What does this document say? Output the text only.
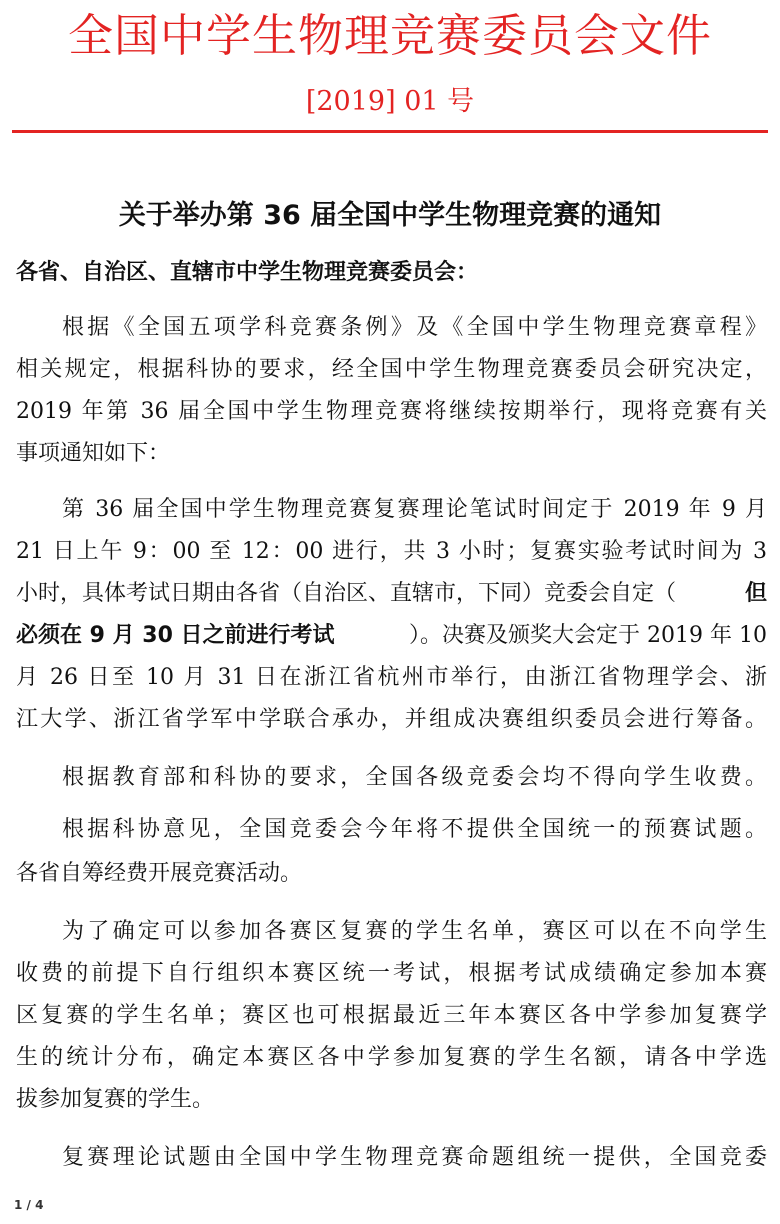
全国中学生物理竞赛委员会文件
[2019] 01 号
关于举办第 36 届全国中学生物理竞赛的通知
各省、自治区、直辖市中学生物理竞赛委员会：
根据《全国五项学科竞赛条例》及《全国中学生物理竞赛章程》
相关规定，根据科协的要求，经全国中学生物理竞赛委员会研究决定，
2019 年第 36 届全国中学生物理竞赛将继续按期举行，现将竞赛有关
事项通知如下：
第 36 届全国中学生物理竞赛复赛理论笔试时间定于 2019 年 9 月
21 日上午 9：00 至 12：00 进行，共 3 小时；复赛实验考试时间为 3
小时，具体考试日期由各省（自治区、直辖市，下同）竞委会自定（	但
必须在 9 月 30 日之前进行考试	）。决赛及颁奖大会定于 2019 年 10
月 26 日至 10 月 31 日在浙江省杭州市举行，由浙江省物理学会、浙
江大学、浙江省学军中学联合承办，并组成决赛组织委员会进行筹备。
根据教育部和科协的要求，全国各级竞委会均不得向学生收费。
根据科协意见，全国竞委会今年将不提供全国统一的预赛试题。
各省自筹经费开展竞赛活动。
为了确定可以参加各赛区复赛的学生名单，赛区可以在不向学生
收费的前提下自行组织本赛区统一考试，根据考试成绩确定参加本赛
区复赛的学生名单；赛区也可根据最近三年本赛区各中学参加复赛学
生的统计分布，确定本赛区各中学参加复赛的学生名额，请各中学选
拔参加复赛的学生。
复赛理论试题由全国中学生物理竞赛命题组统一提供，全国竞委
1 / 4
